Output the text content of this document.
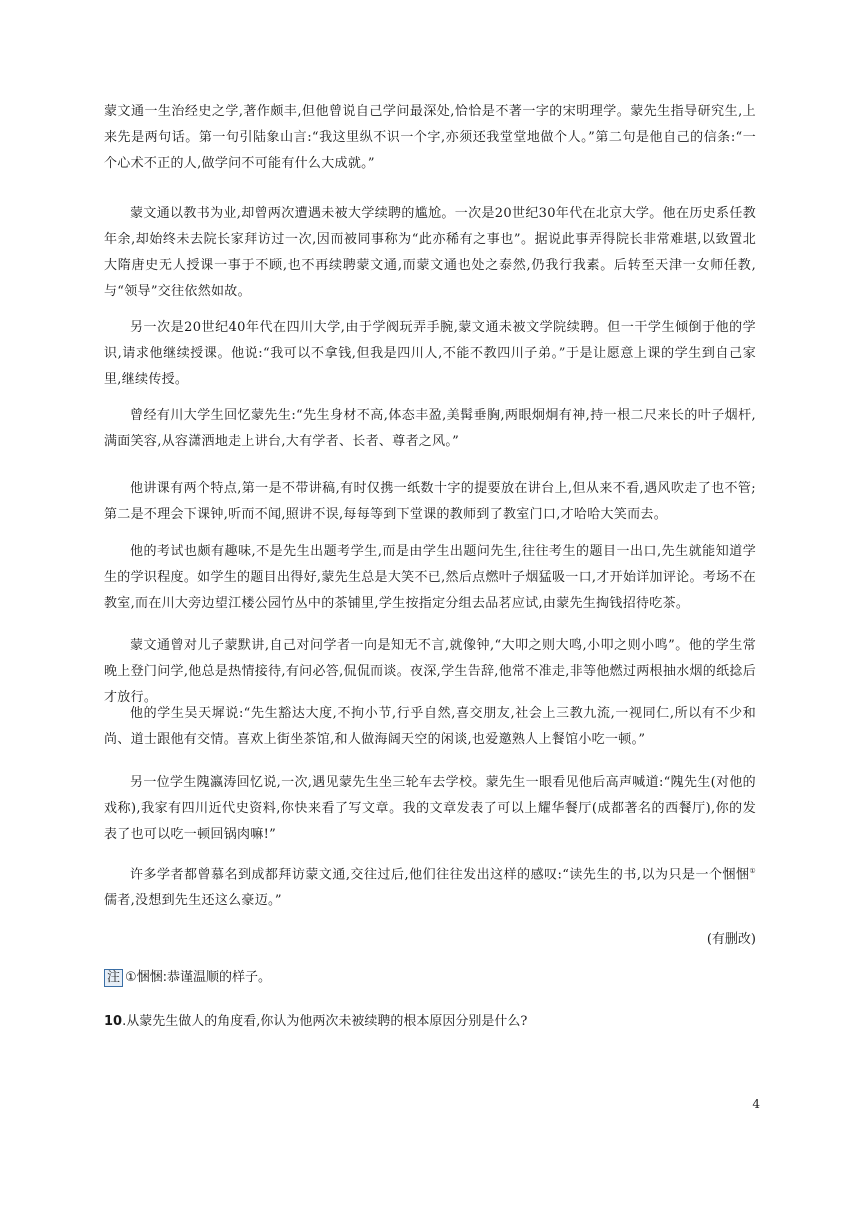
蒙文通一生治经史之学,著作颇丰,但他曾说自己学问最深处,恰恰是不著一字的宋明理学。蒙先生指导研究生,上来先是两句话。第一句引陆象山言:“我这里纵不识一个字,亦须还我堂堂地做个人。”第二句是他自己的信条:“一个心术不正的人,做学问不可能有什么大成就。”

蒙文通以教书为业,却曾两次遭遇未被大学续聘的尴尬。一次是20世纪30年代在北京大学。他在历史系任教年余,却始终未去院长家拜访过一次,因而被同事称为“此亦稀有之事也”。据说此事弄得院长非常难堪,以致置北大隋唐史无人授课一事于不顾,也不再续聘蒙文通,而蒙文通也处之泰然,仍我行我素。后转至天津一女师任教,与“领导”交往依然如故。

另一次是20世纪40年代在四川大学,由于学阀玩弄手腕,蒙文通未被文学院续聘。但一干学生倾倒于他的学识,请求他继续授课。他说:“我可以不拿钱,但我是四川人,不能不教四川子弟。”于是让愿意上课的学生到自己家里,继续传授。

曾经有川大学生回忆蒙先生:“先生身材不高,体态丰盈,美髯垂胸,两眼炯炯有神,持一根二尺来长的叶子烟杆,满面笑容,从容潇洒地走上讲台,大有学者、长者、尊者之风。”

他讲课有两个特点,第一是不带讲稿,有时仅携一纸数十字的提要放在讲台上,但从来不看,遇风吹走了也不管;第二是不理会下课钟,听而不闻,照讲不误,每每等到下堂课的教师到了教室门口,才哈哈大笑而去。

他的考试也颇有趣味,不是先生出题考学生,而是由学生出题问先生,往往考生的题目一出口,先生就能知道学生的学识程度。如学生的题目出得好,蒙先生总是大笑不已,然后点燃叶子烟猛吸一口,才开始详加评论。考场不在教室,而在川大旁边望江楼公园竹丛中的茶铺里,学生按指定分组去品茗应试,由蒙先生掏钱招待吃茶。

蒙文通曾对儿子蒙默讲,自己对问学者一向是知无不言,就像钟,“大叩之则大鸣,小叩之则小鸣”。他的学生常晚上登门问学,他总是热情接待,有问必答,侃侃而谈。夜深,学生告辞,他常不准走,非等他燃过两根抽水烟的纸捻后才放行。

他的学生吴天墀说:“先生豁达大度,不拘小节,行乎自然,喜交朋友,社会上三教九流,一视同仁,所以有不少和尚、道士跟他有交情。喜欢上街坐茶馆,和人做海阔天空的闲谈,也爱邀熟人上餐馆小吃一顿。”

另一位学生隗瀛涛回忆说,一次,遇见蒙先生坐三轮车去学校。蒙先生一眼看见他后高声喊道:“隗先生(对他的戏称),我家有四川近代史资料,你快来看了写文章。我的文章发表了可以上耀华餐厅(成都著名的西餐厅),你的发表了也可以吃一顿回锅肉嘛!”

许多学者都曾慕名到成都拜访蒙文通,交往过后,他们往往发出这样的感叹:“读先生的书,以为只是一个悃悃①儒者,没想到先生还这么豪迈。”

(有删改)
注 ①悃悃:恭谨温顺的样子。
10.从蒙先生做人的角度看,你认为他两次未被续聘的根本原因分别是什么?
4
